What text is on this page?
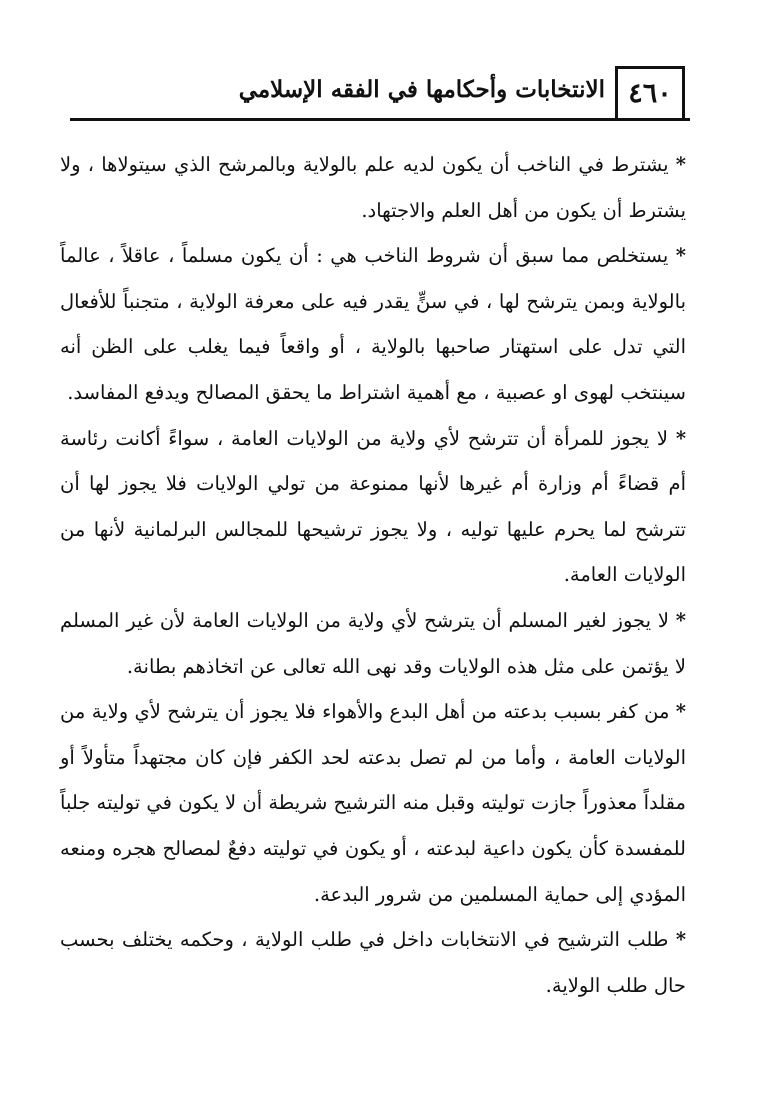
٤٦٠
الانتخابات وأحكامها في الفقه الإسلامي

* يشترط في الناخب أن يكون لديه علم بالولاية وبالمرشح الذي سيتولاها ، ولا يشترط أن يكون من أهل العلم والاجتهاد.

* يستخلص مما سبق أن شروط الناخب هي : أن يكون مسلماً ، عاقلاً ، عالماً بالولاية وبمن يترشح لها ، في سنٍّ يقدر فيه على معرفة الولاية ، متجنباً للأفعال التي تدل على استهتار صاحبها بالولاية ، أو واقعاً فيما يغلب على الظن أنه سينتخب لهوى او عصبية ، مع أهمية اشتراط ما يحقق المصالح ويدفع المفاسد.

* لا يجوز للمرأة أن تترشح لأي ولاية من الولايات العامة ، سواءً أكانت رئاسة أم قضاءً أم وزارة أم غيرها لأنها ممنوعة من تولي الولايات فلا يجوز لها أن تترشح لما يحرم عليها توليه ، ولا يجوز ترشيحها للمجالس البرلمانية لأنها من الولايات العامة.

* لا يجوز لغير المسلم أن يترشح لأي ولاية من الولايات العامة لأن غير المسلم لا يؤتمن على مثل هذه الولايات وقد نهى الله تعالى عن اتخاذهم بطانة.

* من كفر بسبب بدعته من أهل البدع والأهواء فلا يجوز أن يترشح لأي ولاية من الولايات العامة ، وأما من لم تصل بدعته لحد الكفر فإن كان مجتهداً متأولاً أو مقلداً معذوراً جازت توليته وقبل منه الترشيح شريطة أن لا يكون في توليته جلباً للمفسدة كأن يكون داعية لبدعته ، أو يكون في توليته دفعٌ لمصالح هجره ومنعه المؤدي إلى حماية المسلمين من شرور البدعة.

* طلب الترشيح في الانتخابات داخل في طلب الولاية ، وحكمه يختلف بحسب حال طلب الولاية.
